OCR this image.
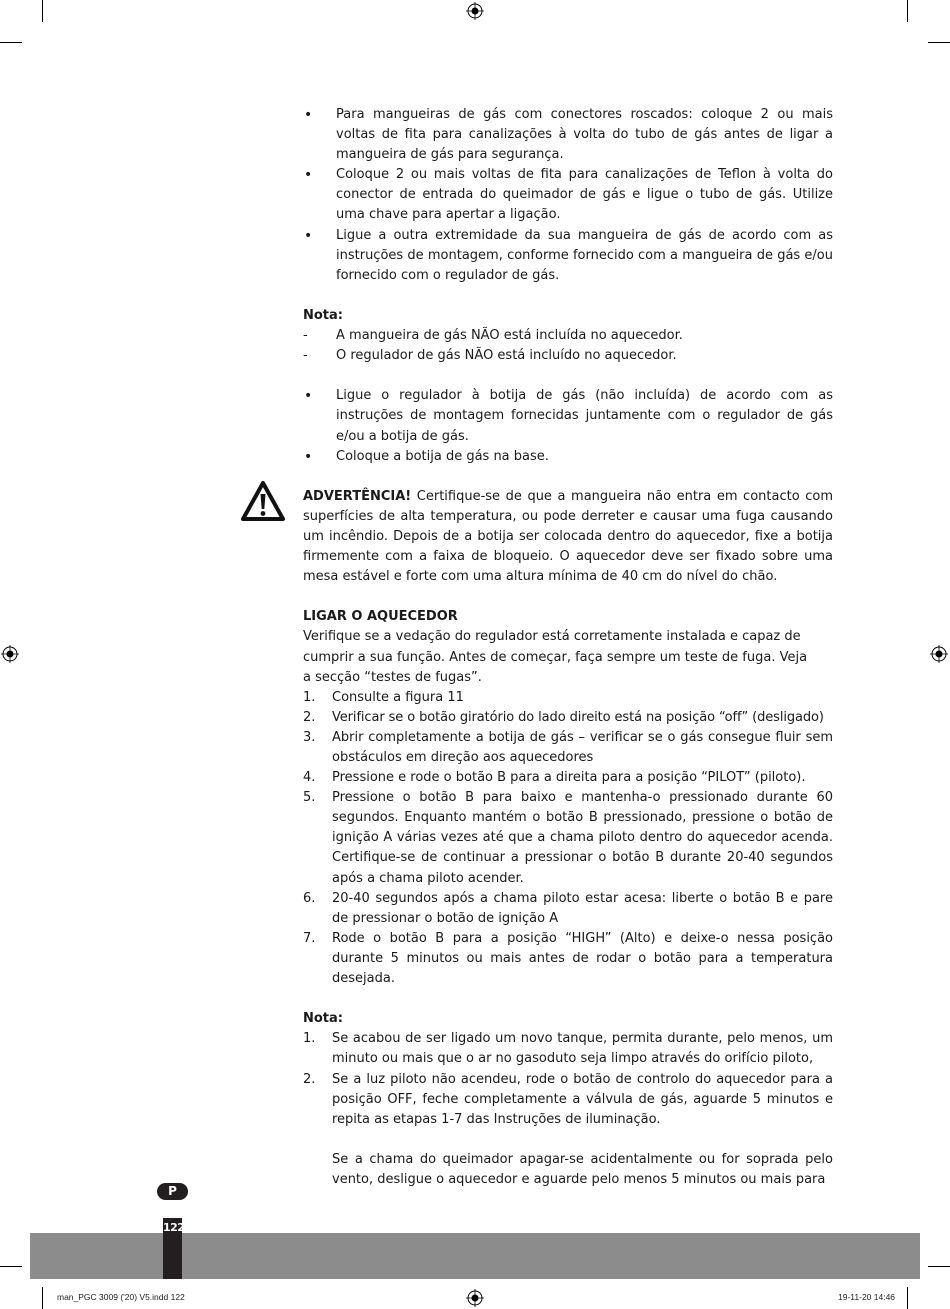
• Para mangueiras de gás com conectores roscados: coloque 2 ou mais voltas de fita para canalizações à volta do tubo de gás antes de ligar a mangueira de gás para segurança.
• Coloque 2 ou mais voltas de fita para canalizações de Teflon à volta do conector de entrada do queimador de gás e ligue o tubo de gás. Utilize uma chave para apertar a ligação.
• Ligue a outra extremidade da sua mangueira de gás de acordo com as instruções de montagem, conforme fornecido com a mangueira de gás e/ou fornecido com o regulador de gás.
Nota:
- A mangueira de gás NÃO está incluída no aquecedor.
- O regulador de gás NÃO está incluído no aquecedor.
• Ligue o regulador à botija de gás (não incluída) de acordo com as instruções de montagem fornecidas juntamente com o regulador de gás e/ou a botija de gás.
• Coloque a botija de gás na base.
ADVERTÊNCIA! Certifique-se de que a mangueira não entra em contacto com superfícies de alta temperatura, ou pode derreter e causar uma fuga causando um incêndio. Depois de a botija ser colocada dentro do aquecedor, fixe a botija firmemente com a faixa de bloqueio. O aquecedor deve ser fixado sobre uma mesa estável e forte com uma altura mínima de 40 cm do nível do chão.
LIGAR O AQUECEDOR
Verifique se a vedação do regulador está corretamente instalada e capaz de
cumprir a sua função. Antes de começar, faça sempre um teste de fuga. Veja
a secção “testes de fugas”.
1. Consulte a figura 11
2. Verificar se o botão giratório do lado direito está na posição “off” (desligado)
3. Abrir completamente a botija de gás – verificar se o gás consegue fluir sem obstáculos em direção aos aquecedores
4. Pressione e rode o botão B para a direita para a posição “PILOT” (piloto).
5. Pressione o botão B para baixo e mantenha-o pressionado durante 60 segundos. Enquanto mantém o botão B pressionado, pressione o botão de ignição A várias vezes até que a chama piloto dentro do aquecedor acenda. Certifique-se de continuar a pressionar o botão B durante 20-40 segundos após a chama piloto acender.
6. 20-40 segundos após a chama piloto estar acesa: liberte o botão B e pare de pressionar o botão de ignição A
7. Rode o botão B para a posição “HIGH” (Alto) e deixe-o nessa posição durante 5 minutos ou mais antes de rodar o botão para a temperatura desejada.
Nota:
1. Se acabou de ser ligado um novo tanque, permita durante, pelo menos, um minuto ou mais que o ar no gasoduto seja limpo através do orifício piloto,
2. Se a luz piloto não acendeu, rode o botão de controlo do aquecedor para a posição OFF, feche completamente a válvula de gás, aguarde 5 minutos e repita as etapas 1-7 das Instruções de iluminação.
Se a chama do queimador apagar-se acidentalmente ou for soprada pelo vento, desligue o aquecedor e aguarde pelo menos 5 minutos ou mais para
P
122
man_PGC 3009 ('20) V5.indd 122	19-11-20 14:46
